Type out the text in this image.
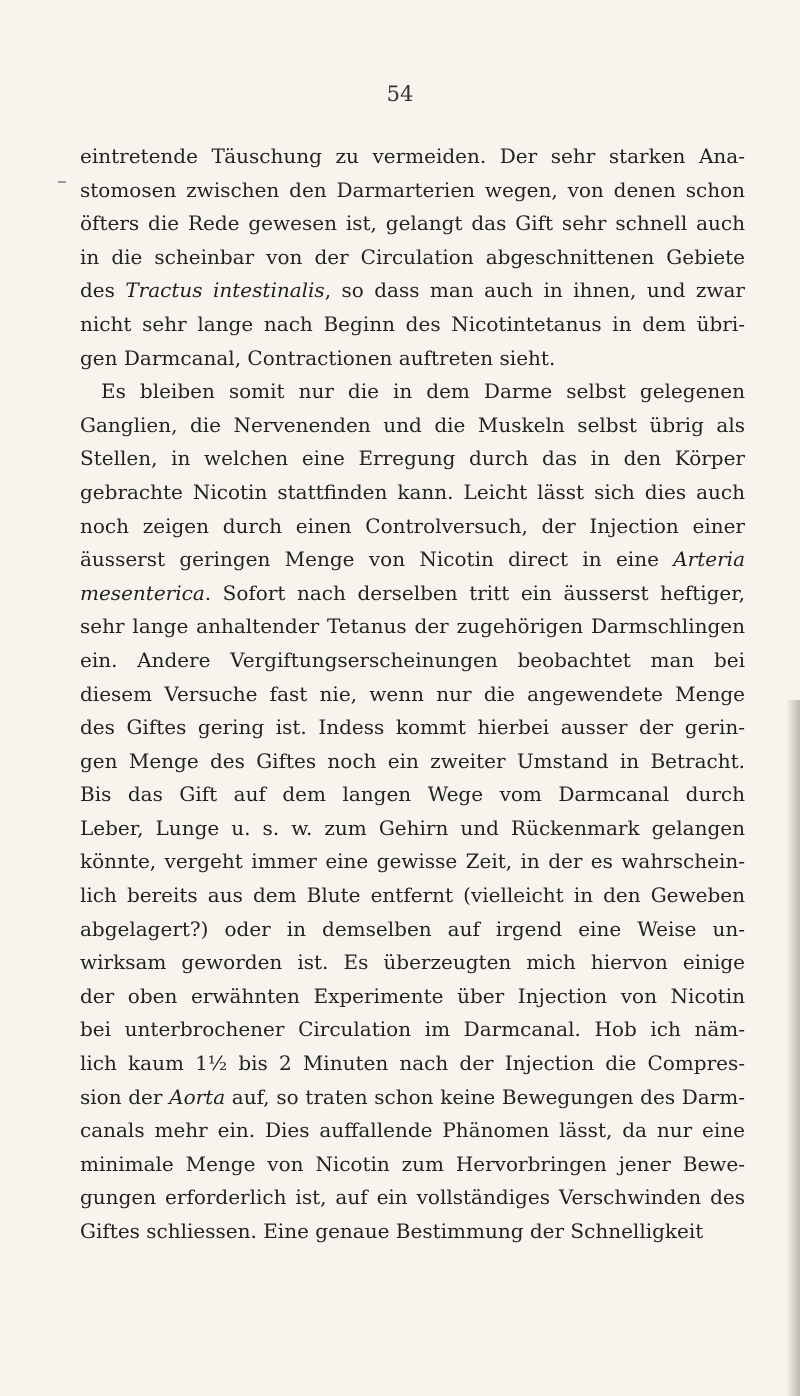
54
eintretende Täuschung zu vermeiden. Der sehr starken Ana-
stomosen zwischen den Darmarterien wegen, von denen schon
öfters die Rede gewesen ist, gelangt das Gift sehr schnell auch
in die scheinbar von der Circulation abgeschnittenen Gebiete
des Tractus intestinalis, so dass man auch in ihnen, und zwar
nicht sehr lange nach Beginn des Nicotintetanus in dem übri-
gen Darmcanal, Contractionen auftreten sieht.
Es bleiben somit nur die in dem Darme selbst gelegenen
Ganglien, die Nervenenden und die Muskeln selbst übrig als
Stellen, in welchen eine Erregung durch das in den Körper
gebrachte Nicotin stattfinden kann. Leicht lässt sich dies auch
noch zeigen durch einen Controlversuch, der Injection einer
äusserst geringen Menge von Nicotin direct in eine Arteria
mesenterica. Sofort nach derselben tritt ein äusserst heftiger,
sehr lange anhaltender Tetanus der zugehörigen Darmschlingen
ein. Andere Vergiftungserscheinungen beobachtet man bei
diesem Versuche fast nie, wenn nur die angewendete Menge
des Giftes gering ist. Indess kommt hierbei ausser der gerin-
gen Menge des Giftes noch ein zweiter Umstand in Betracht.
Bis das Gift auf dem langen Wege vom Darmcanal durch
Leber, Lunge u. s. w. zum Gehirn und Rückenmark gelangen
könnte, vergeht immer eine gewisse Zeit, in der es wahrschein-
lich bereits aus dem Blute entfernt (vielleicht in den Geweben
abgelagert?) oder in demselben auf irgend eine Weise un-
wirksam geworden ist. Es überzeugten mich hiervon einige
der oben erwähnten Experimente über Injection von Nicotin
bei unterbrochener Circulation im Darmcanal. Hob ich näm-
lich kaum 1½ bis 2 Minuten nach der Injection die Compres-
sion der Aorta auf, so traten schon keine Bewegungen des Darm-
canals mehr ein. Dies auffallende Phänomen lässt, da nur eine
minimale Menge von Nicotin zum Hervorbringen jener Bewe-
gungen erforderlich ist, auf ein vollständiges Verschwinden des
Giftes schliessen. Eine genaue Bestimmung der Schnelligkeit
